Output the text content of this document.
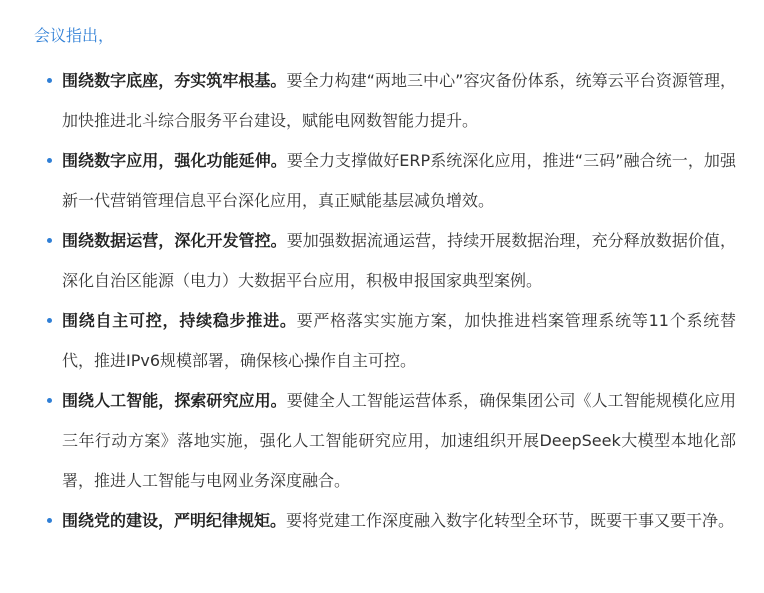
会议指出，

围绕数字底座，夯实筑牢根基。要全力构建“两地三中心”容灾备份体系，统筹云平台资源管理，加快推进北斗综合服务平台建设，赋能电网数智能力提升。
围绕数字应用，强化功能延伸。要全力支撑做好ERP系统深化应用，推进“三码”融合统一，加强新一代营销管理信息平台深化应用，真正赋能基层减负增效。
围绕数据运营，深化开发管控。要加强数据流通运营，持续开展数据治理，充分释放数据价值，深化自治区能源（电力）大数据平台应用，积极申报国家典型案例。
围绕自主可控，持续稳步推进。要严格落实实施方案，加快推进档案管理系统等11个系统替代，推进IPv6规模部署，确保核心操作自主可控。
围绕人工智能，探索研究应用。要健全人工智能运营体系，确保集团公司《人工智能规模化应用三年行动方案》落地实施，强化人工智能研究应用，加速组织开展DeepSeek大模型本地化部署，推进人工智能与电网业务深度融合。
围绕党的建设，严明纪律规矩。要将党建工作深度融入数字化转型全环节，既要干事又要干净。
